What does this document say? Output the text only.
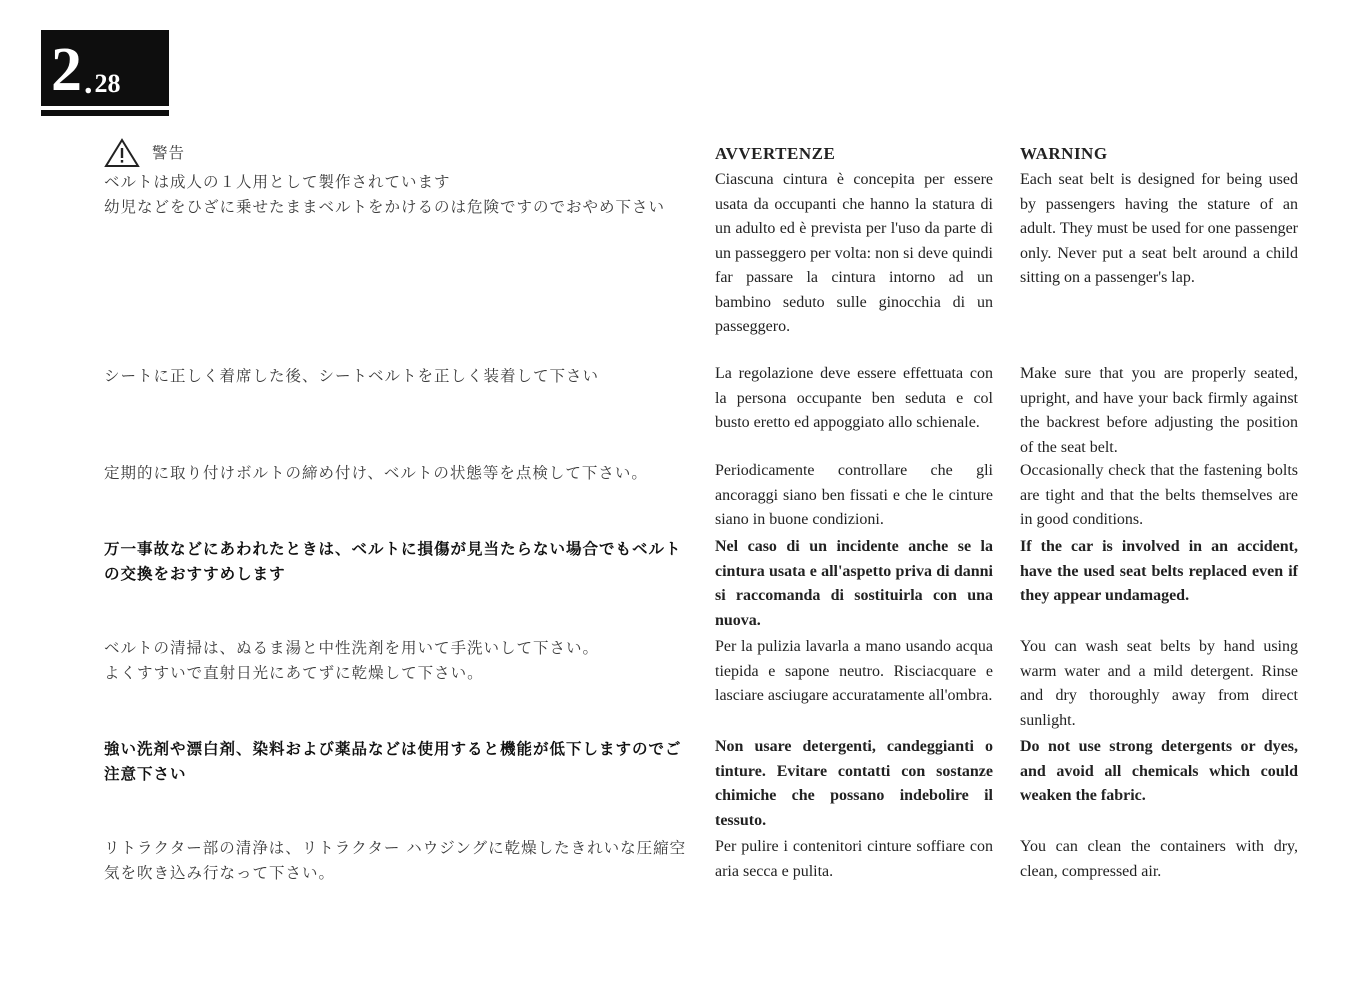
2 . 28
警告
ベルトは成人の１人用として製作されています
幼児などをひざに乗せたままベルトをかけるのは危険ですのでおやめ下さい
シートに正しく着席した後、シートベルトを正しく装着して下さい
定期的に取り付けボルトの締め付け、ベルトの状態等を点検して下さい。
万一事故などにあわれたときは、ベルトに損傷が見当たらない場合でもベルトの交換をおすすめします
ベルトの清掃は、ぬるま湯と中性洗剤を用いて手洗いして下さい。
よくすすいで直射日光にあてずに乾燥して下さい。
強い洗剤や漂白剤、染料および薬品などは使用すると機能が低下しますのでご注意下さい
リトラクター部の清浄は、リトラクター ハウジングに乾燥したきれいな圧縮空気を吹き込み行なって下さい。
AVVERTENZE
Ciascuna cintura è concepita per essere usata da occupanti che hanno la statura di un adulto ed è prevista per l'uso da parte di un passeggero per volta: non si deve quindi far passare la cintura intorno ad un bambino seduto sulle ginocchia di un passeggero.
La regolazione deve essere effettuata con la persona occupante ben seduta e col busto eretto ed appoggiato allo schienale.
Periodicamente controllare che gli ancoraggi siano ben fissati e che le cinture siano in buone condizioni.
Nel caso di un incidente anche se la cintura usata e all'aspetto priva di danni si raccomanda di sostituirla con una nuova.
Per la pulizia lavarla a mano usando acqua tiepida e sapone neutro. Risciacquare e lasciare asciugare accuratamente all'ombra.
Non usare detergenti, candeggianti o tinture. Evitare contatti con sostanze chimiche che possano indebolire il tessuto.
Per pulire i contenitori cinture soffiare con aria secca e pulita.
WARNING
Each seat belt is designed for being used by passengers having the stature of an adult. They must be used for one passenger only. Never put a seat belt around a child sitting on a passenger's lap.
Make sure that you are properly seated, upright, and have your back firmly against the backrest before adjusting the position of the seat belt.
Occasionally check that the fastening bolts are tight and that the belts themselves are in good conditions.
If the car is involved in an accident, have the used seat belts replaced even if they appear undamaged.
You can wash seat belts by hand using warm water and a mild detergent. Rinse and dry thoroughly away from direct sunlight.
Do not use strong detergents or dyes, and avoid all chemicals which could weaken the fabric.
You can clean the containers with dry, clean, compressed air.
